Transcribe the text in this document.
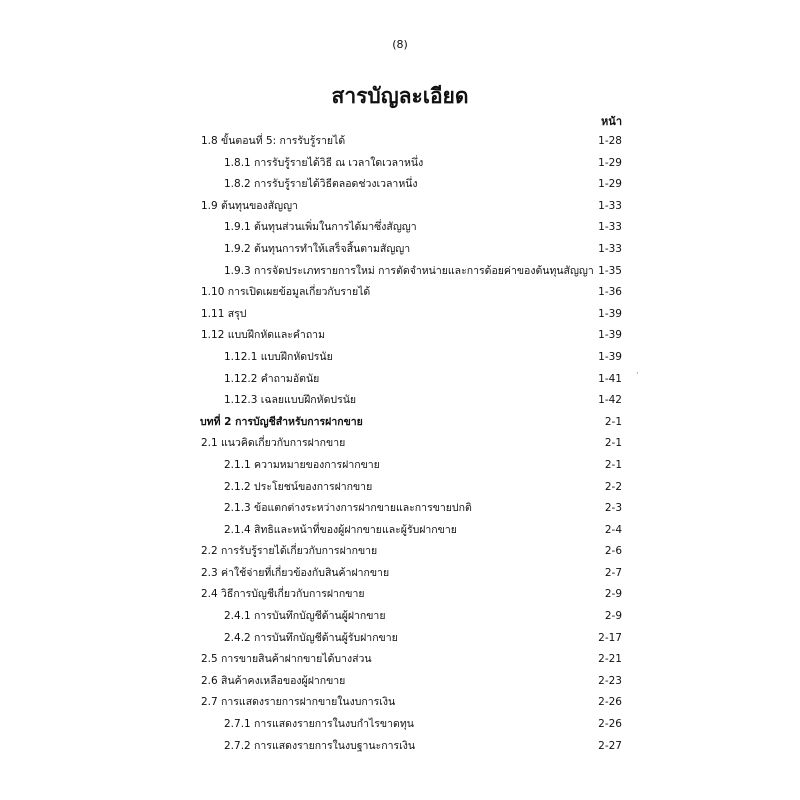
(8)
สารบัญละเอียด
หน้า
1.8 ขั้นตอนที่ 5: การรับรู้รายได้	1-28
1.8.1 การรับรู้รายได้วิธี ณ เวลาใดเวลาหนึ่ง	1-29
1.8.2 การรับรู้รายได้วิธีตลอดช่วงเวลาหนึ่ง	1-29
1.9 ต้นทุนของสัญญา	1-33
1.9.1 ต้นทุนส่วนเพิ่มในการได้มาซึ่งสัญญา	1-33
1.9.2 ต้นทุนการทำให้เสร็จสิ้นตามสัญญา	1-33
1.9.3 การจัดประเภทรายการใหม่ การตัดจำหน่ายและการด้อยค่าของต้นทุนสัญญา 1-35
1.10 การเปิดเผยข้อมูลเกี่ยวกับรายได้	1-36
1.11 สรุป	1-39
1.12 แบบฝึกหัดและคำถาม	1-39
1.12.1 แบบฝึกหัดปรนัย	1-39
1.12.2 คำถามอัตนัย	1-41
1.12.3 เฉลยแบบฝึกหัดปรนัย	1-42
บทที่ 2 การบัญชีสำหรับการฝากขาย	2-1
2.1 แนวคิดเกี่ยวกับการฝากขาย	2-1
2.1.1 ความหมายของการฝากขาย	2-1
2.1.2 ประโยชน์ของการฝากขาย	2-2
2.1.3 ข้อแตกต่างระหว่างการฝากขายและการขายปกติ	2-3
2.1.4 สิทธิและหน้าที่ของผู้ฝากขายและผู้รับฝากขาย	2-4
2.2 การรับรู้รายได้เกี่ยวกับการฝากขาย	2-6
2.3 ค่าใช้จ่ายที่เกี่ยวข้องกับสินค้าฝากขาย	2-7
2.4 วิธีการบัญชีเกี่ยวกับการฝากขาย	2-9
2.4.1 การบันทึกบัญชีด้านผู้ฝากขาย	2-9
2.4.2 การบันทึกบัญชีด้านผู้รับฝากขาย	2-17
2.5 การขายสินค้าฝากขายได้บางส่วน	2-21
2.6 สินค้าคงเหลือของผู้ฝากขาย	2-23
2.7 การแสดงรายการฝากขายในงบการเงิน	2-26
2.7.1 การแสดงรายการในงบกำไรขาดทุน	2-26
2.7.2 การแสดงรายการในงบฐานะการเงิน	2-27
·
